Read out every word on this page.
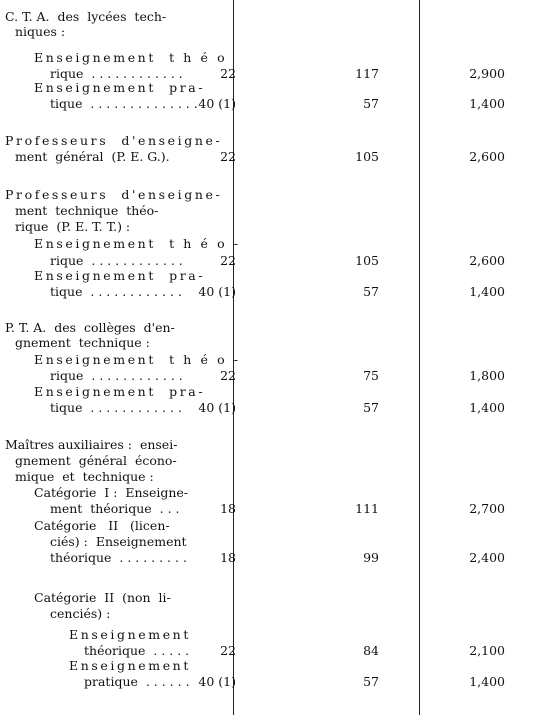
C. T. A.  des  lycées  tech-
niques :
Enseignement  t h é o
rique  . . . . . . . . . . . .	22	117	2,900
Enseignement  pra-
tique  . . . . . . . . . . . . . . 40 (1)	57	1,400
Professeurs  d'enseigne-
ment  général  (P. E. G.).	22	105	2,600
Professeurs  d'enseigne-
ment  technique  théo-
rique  (P. E. T. T.) :
Enseignement  t h é o -
rique  . . . . . . . . . . . .	22	105	2,600
Enseignement  pra-
tique  . . . . . . . . . . . . 40 (1)	57	1,400
P. T. A.  des  collèges  d'en-
gnement  technique :
Enseignement  t h é o -
rique  . . . . . . . . . . . .	22	75	1,800
Enseignement  pra-
tique  . . . . . . . . . . . . 40 (1)	57	1,400
Maîtres auxiliaires :  ensei-
gnement  général  écono-
mique  et  technique :
Catégorie  I :  Enseigne-
ment  théorique  . . .	18	111	2,700
Catégorie   II   (licen-
ciés) :  Enseignement
théorique  . . . . . . . . .	18	99	2,400
Catégorie  II  (non  li-
cenciés) :
Enseignement
théorique  . . . . . 22	84	2,100
Enseignement
pratique  . . . . . . 40 (1)	57	1,400
